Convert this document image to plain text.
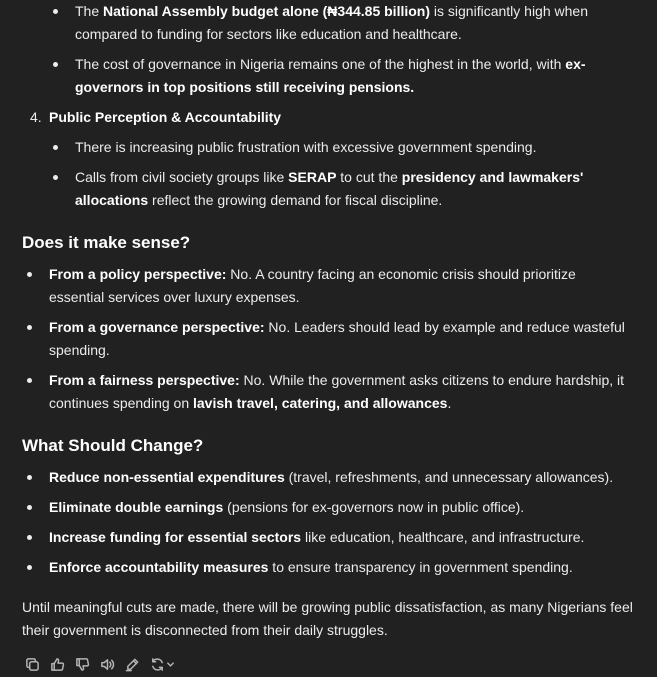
The National Assembly budget alone (₦344.85 billion) is significantly high when compared to funding for sectors like education and healthcare.
The cost of governance in Nigeria remains one of the highest in the world, with ex-governors in top positions still receiving pensions.
4. Public Perception & Accountability
There is increasing public frustration with excessive government spending.
Calls from civil society groups like SERAP to cut the presidency and lawmakers' allocations reflect the growing demand for fiscal discipline.
Does it make sense?
From a policy perspective: No. A country facing an economic crisis should prioritize essential services over luxury expenses.
From a governance perspective: No. Leaders should lead by example and reduce wasteful spending.
From a fairness perspective: No. While the government asks citizens to endure hardship, it continues spending on lavish travel, catering, and allowances.
What Should Change?
Reduce non-essential expenditures (travel, refreshments, and unnecessary allowances).
Eliminate double earnings (pensions for ex-governors now in public office).
Increase funding for essential sectors like education, healthcare, and infrastructure.
Enforce accountability measures to ensure transparency in government spending.

Until meaningful cuts are made, there will be growing public dissatisfaction, as many Nigerians feel their government is disconnected from their daily struggles.
